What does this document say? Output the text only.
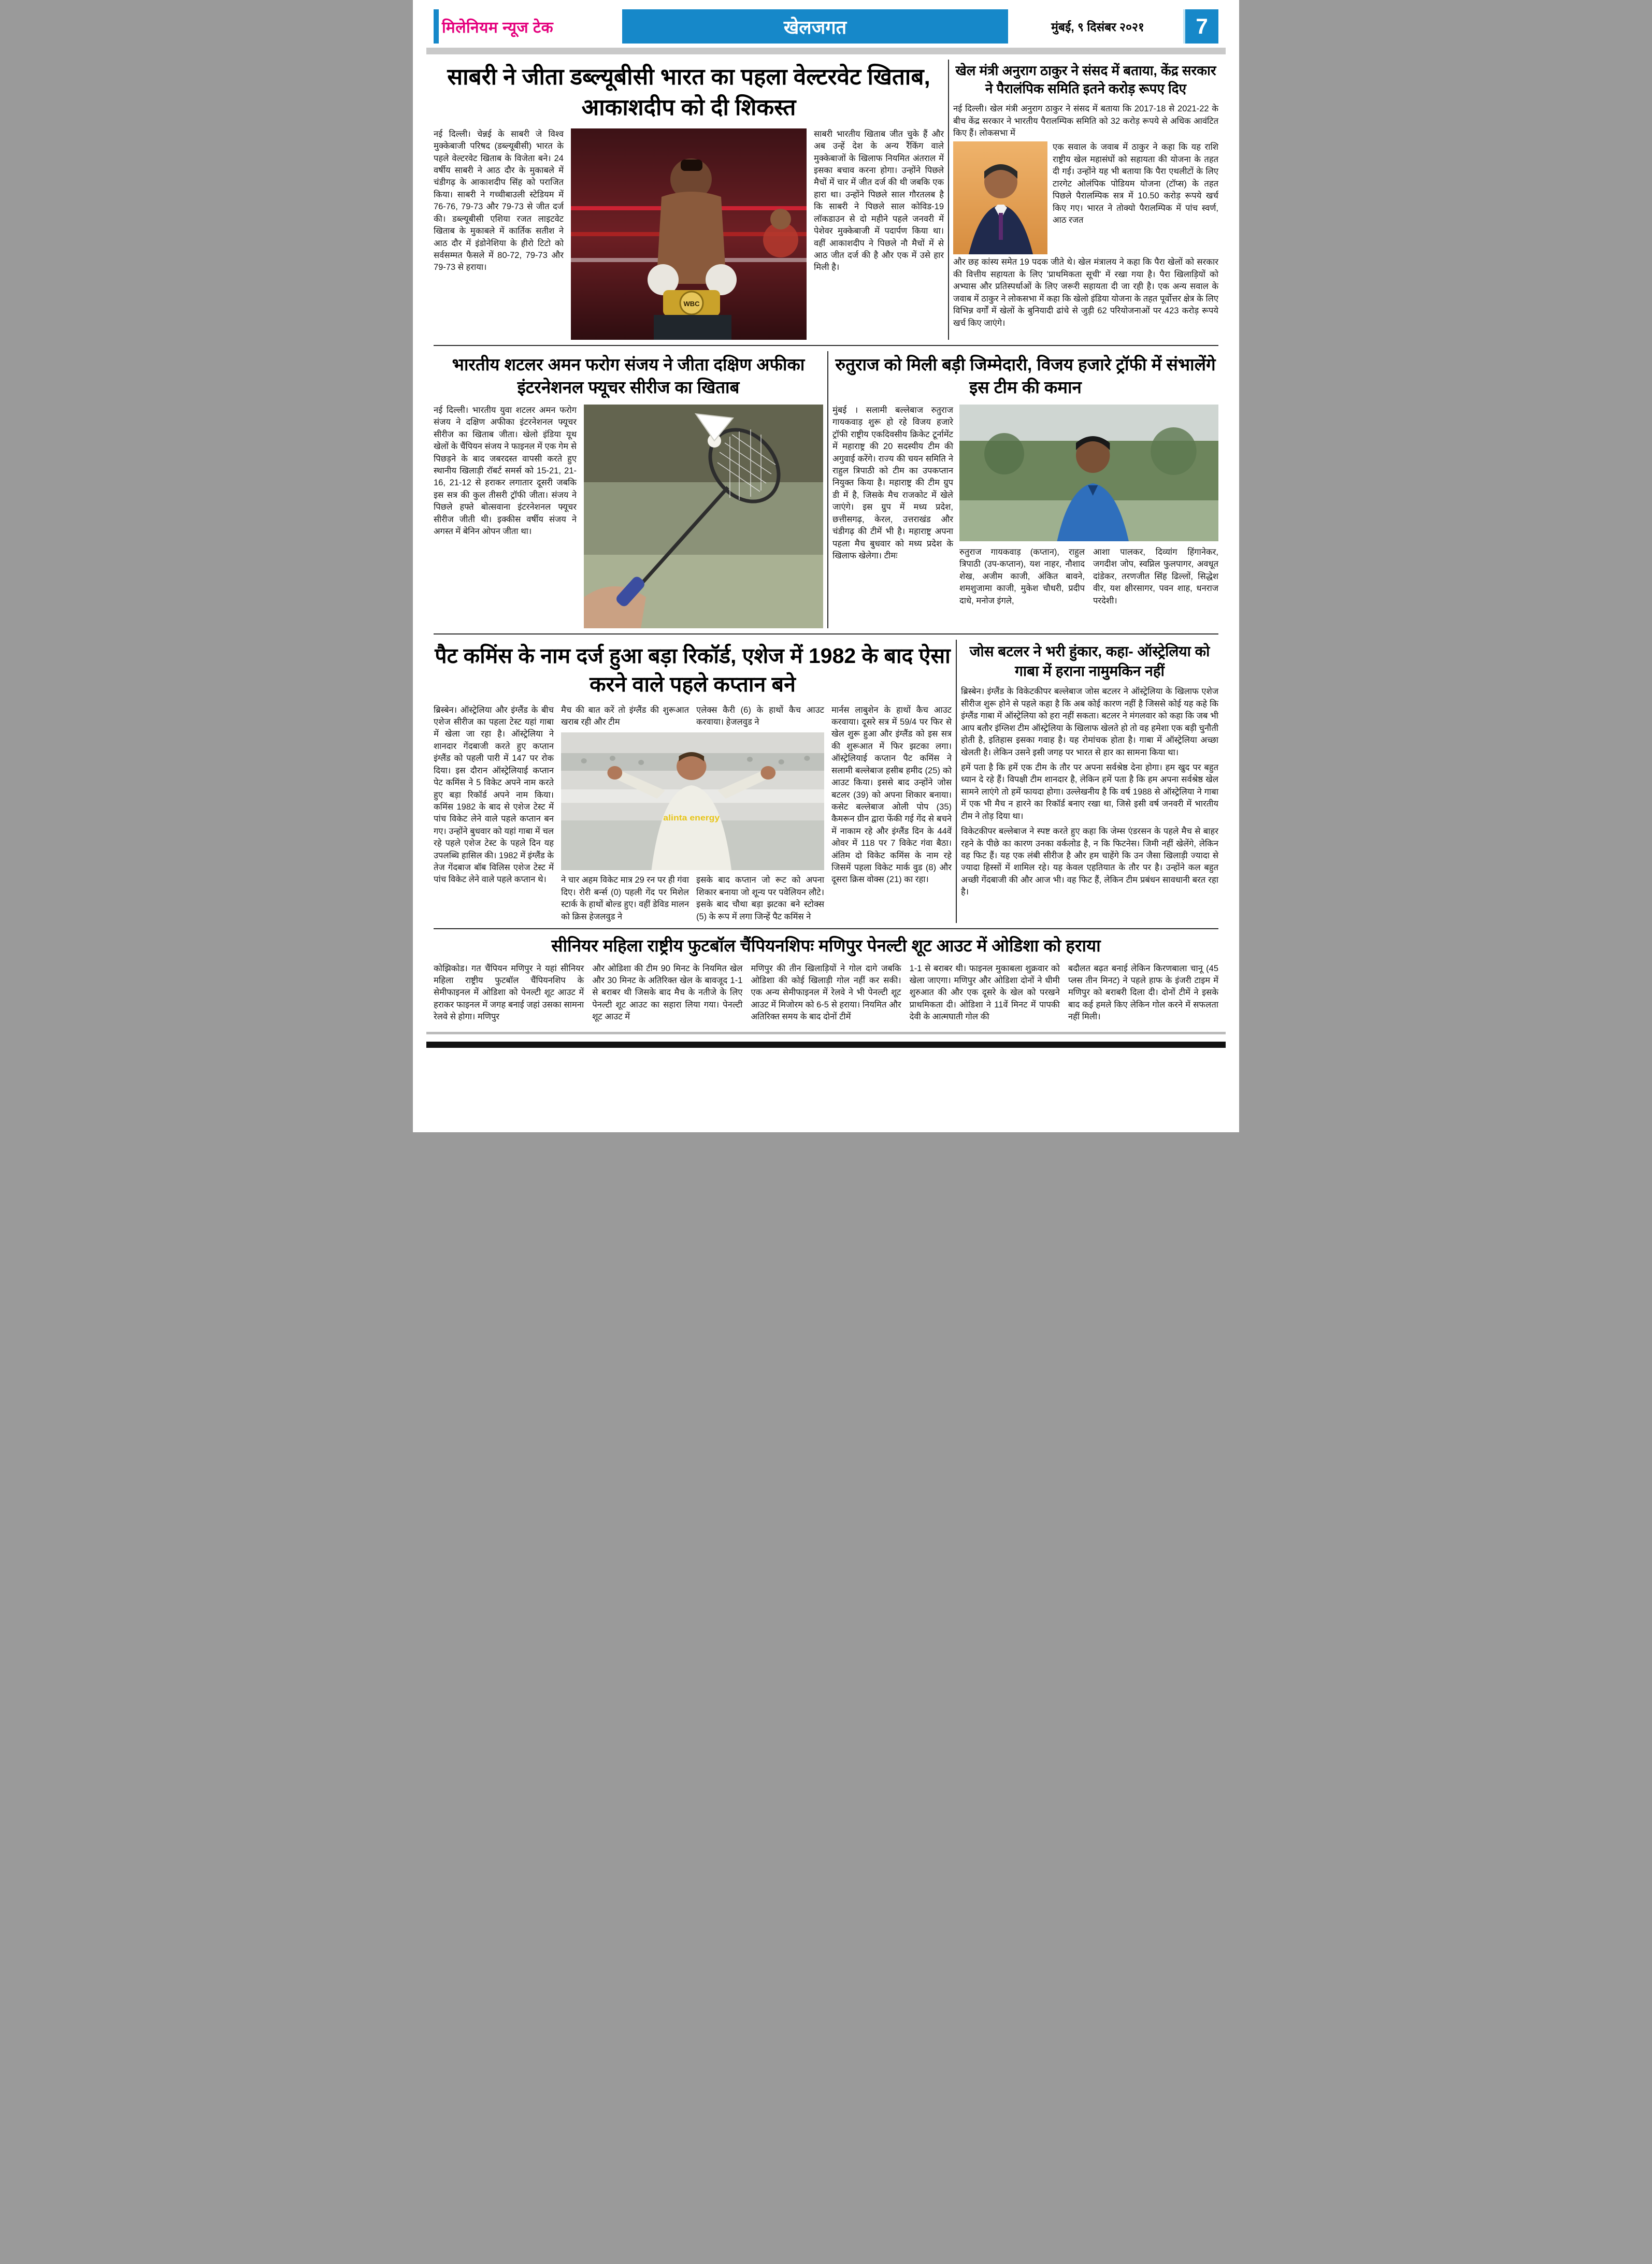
मिलेनियम न्यूज टेक	खेलजगत	मुंबई, ९ दिसंबर २०२१	7
साबरी ने जीता डब्ल्यूबीसी भारत का पहला वेल्टरवेट खिताब, आकाशदीप को दी शिकस्त

नई दिल्ली। चेन्नई के साबरी जे विश्व मुक्केबाजी परिषद (डब्ल्यूबीसी) भारत के पहले वेल्टरवेट खिताब के विजेता बने। 24 वर्षीय साबरी ने आठ दौर के मुकाबले में चंडीगढ़ के आकाशदीप सिंह को पराजित किया। साबरी ने गच्चीबाउली स्टेडियम में 76-76, 79-73 और 79-73 से जीत दर्ज की। डब्ल्यूबीसी एशिया रजत लाइटवेट खिताब के मुकाबले में कार्तिक सतीश ने आठ दौर में इंडोनेशिया के हीरो टिटो को सर्वसम्मत फैसले में 80-72, 79-73 और 79-73 से हराया।

WBC

साबरी भारतीय खिताब जीत चुके हैं और अब उन्हें देश के अन्य रैंकिंग वाले मुक्केबाजों के खिलाफ नियमित अंतराल में इसका बचाव करना होगा। उन्होंने पिछले मैचों में चार में जीत दर्ज की थी जबकि एक हारा था। उन्होंने पिछले साल गौरतलब है कि साबरी ने पिछले साल कोविड-19 लॉकडाउन से दो महीने पहले जनवरी में पेशेवर मुक्केबाजी में पदार्पण किया था। वहीं आकाशदीप ने पिछले नौ मैचों में से आठ जीत दर्ज की है और एक में उसे हार मिली है।

खेल मंत्री अनुराग ठाकुर ने संसद में बताया, केंद्र सरकार ने पैरालंपिक समिति इतने करोड़ रूपए दिए

नई दिल्ली। खेल मंत्री अनुराग ठाकुर ने संसद में बताया कि 2017-18 से 2021-22 के बीच केंद्र सरकार ने भारतीय पैरालम्पिक समिति को 32 करोड़ रूपये से अधिक आवंटित किए हैं। लोकसभा में

एक सवाल के जवाब में ठाकुर ने कहा कि यह राशि राष्ट्रीय खेल महासंघों को सहायता की योजना के तहत दी गई। उन्होंने यह भी बताया कि पैरा एथलीटों के लिए टारगेट ओलंपिक पोडियम योजना (टॉप्स) के तहत पिछले पैरालम्पिक सत्र में 10.50 करोड़ रूपये खर्च किए गए। भारत ने तोक्यो पैरालम्पिक में पांच स्वर्ण, आठ रजत

और छह कांस्य समेत 19 पदक जीते थे। खेल मंत्रालय ने कहा कि पैरा खेलों को सरकार की वित्तीय सहायता के लिए 'प्राथमिकता सूची' में रखा गया है। पैरा खिलाड़ियों को अभ्यास और प्रतिस्पर्धाओं के लिए जरूरी सहायता दी जा रही है। एक अन्य सवाल के जवाब में ठाकुर ने लोकसभा में कहा कि खेलो इंडिया योजना के तहत पूर्वोत्तर क्षेत्र के लिए विभिन्न वर्गों में खेलों के बुनियादी ढांचे से जुड़ी 62 परियोजनाओं पर 423 करोड़ रूपये खर्च किए जाएंगे।

भारतीय शटलर अमन फरोग संजय ने जीता दक्षिण अफीका इंटरनेशनल फ्यूचर सीरीज का खिताब

नई दिल्ली। भारतीय युवा शटलर अमन फरोग संजय ने दक्षिण अफीका इंटरनेशनल फ्यूचर सीरीज का खिताब जीता। खेलो इंडिया यूथ खेलों के चैंपियन संजय ने फाइनल में एक गेम से पिछड़ने के बाद जबरदस्त वापसी करते हुए स्थानीय खिलाड़ी रॉबर्ट समर्स को 15-21, 21-16, 21-12 से हराकर लगातार दूसरी जबकि इस सत्र की कुल तीसरी ट्रॉफी जीता। संजय ने पिछले हफ्ते बोत्सवाना इंटरनेशनल फ्यूचर सीरीज जीती थी। इक्कीस वर्षीय संजय ने अगस्त में बेनिन ओपन जीता था।

रुतुराज को मिली बड़ी जिम्मेदारी, विजय हजारे ट्रॉफी में संभालेंगे इस टीम की कमान

मुंबई । सलामी बल्लेबाज रुतुराज गायकवाड़ शुरू हो रहे विजय हजारे ट्रॉफी राष्ट्रीय एकदिवसीय क्रिकेट टूर्नामेंट में महाराष्ट्र की 20 सदस्यीय टीम की अगुवाई करेंगे। राज्य की चयन समिति ने राहुल त्रिपाठी को टीम का उपकप्तान नियुक्त किया है। महाराष्ट्र की टीम ग्रुप डी में है, जिसके मैच राजकोट में खेले जाएंगे। इस ग्रुप में मध्य प्रदेश, छत्तीसगढ़, केरल, उत्तराखंड और चंडीगढ़ की टीमें भी है। महाराष्ट्र अपना पहला मैच बुधवार को मध्य प्रदेश के खिलाफ खेलेगा। टीमः	रुतुराज गायकवाड़ (कप्तान), राहुल त्रिपाठी (उप-कप्तान), यश नाहर, नौशाद शेख, अजीम काजी, अंकित बावने, शमशुजामा काजी, मुकेश चौधरी, प्रदीप दाधे, मनोज इंगले,

आशा पालकर, दिव्यांग हिंगानेकर, जगदीश जोप, स्वप्निल फुलपागर, अवधूत दांडेकर, तरणजीत सिंह ढिल्लों, सिद्धेश वीर, यश क्षीरसागर, पवन शाह, धनराज परदेशी।

पैट कमिंस के नाम दर्ज हुआ बड़ा रिकॉर्ड, एशेज में 1982 के बाद ऐसा करने वाले पहले कप्तान बने

ब्रिस्बेन। ऑस्ट्रेलिया और इंग्लैंड के बीच एशेज सीरीज का पहला टेस्ट यहां गाबा में खेला जा रहा है। ऑस्ट्रेलिया ने शानदार गेंदबाजी करते हुए कप्तान इंग्लैंड को पहली पारी में 147 पर रोक दिया। इस दौरान ऑस्ट्रेलियाई कप्तान पेट कमिंस ने 5 विकेट अपने नाम करते हुए बड़ा रिकॉर्ड अपने नाम किया। कमिंस 1982 के बाद से एशेज टेस्ट में पांच विकेट लेने वाले पहले कप्तान बन गए। उन्होंने बुधवार को यहां गाबा में चल रहे पहले एशेज टेस्ट के पहले दिन यह उपलब्धि हासिल की। 1982 में इंग्लैंड के तेज गेंदबाज बॉब विलिस एशेज टेस्ट में पांच विकेट लेने वाले पहले कप्तान थे।

मैच की बात करें तो इंग्लैंड की शुरूआत खराब रही और टीम

एलेक्स कैरी (6) के हाथों कैच आउट करवाया। हेजलवुड ने

alinta energy

ने चार अहम विकेट मात्र 29 रन पर ही गंवा दिए। रोरी बर्न्स (0) पहली गेंद पर मिशेल स्टार्क के हाथों बोल्ड हुए। वहीं डेविड मालन को क्रिस हेजलवुड ने

इसके बाद कप्तान जो रूट को अपना शिकार बनाया जो शून्य पर पवेलियन लौटे। इसके बाद चौथा बड़ा झटका बने स्टोक्स (5) के रूप में लगा जिन्हें पैट कमिंस ने

मार्नस लाबुशेन के हाथों कैच आउट करवाया। दूसरे सत्र में 59/4 पर फिर से खेल शुरू हुआ और इंग्लैंड को इस सत्र की शुरूआत में फिर झटका लगा। ऑस्ट्रेलियाई कप्तान पैट कमिंस ने सलामी बल्लेबाज हसीब हमीद (25) को आउट किया। इससे बाद उन्होंने जोस बटलर (39) को अपना शिकार बनाया। कसेट बल्लेबाज ओली पोप (35) कैमरून ग्रीन द्वारा फेंकी गई गेंद से बचने में नाकाम रहे और इंग्लैंड दिन के 44वें ओवर में 118 पर 7 विकेट गंवा बैठा। अंतिम दो विकेट कमिंस के नाम रहे जिसमें पहला विकेट मार्क वुड (8) और दूसरा क्रिस वोक्स (21) का रहा।

जोस बटलर ने भरी हुंकार, कहा- ऑस्ट्रेलिया को गाबा में हराना नामुमकिन नहीं

ब्रिस्बेन। इंग्लैंड के विकेटकीपर बल्लेबाज जोस बटलर ने ऑस्ट्रेलिया के खिलाफ एशेज सीरीज शुरू होने से पहले कहा है कि अब कोई कारण नहीं है जिससे कोई यह कहे कि इंग्लैंड गाबा में ऑस्ट्रेलिया को हरा नहीं सकता। बटलर ने मंगलवार को कहा कि जब भी आप बतौर इंग्लिश टीम ऑस्ट्रेलिया के खिलाफ खेलते हो तो वह हमेशा एक बड़ी चुनौती होती है, इतिहास इसका गवाह है। यह रोमांचक होता है। गाबा में ऑस्ट्रेलिया अच्छा खेलती है। लेकिन उसने इसी जगह पर भारत से हार का सामना किया था।

हमें पता है कि हमें एक टीम के तौर पर अपना सर्वश्रेष्ठ देना होगा। हम खुद पर बहुत ध्यान दे रहे हैं। विपक्षी टीम शानदार है, लेकिन हमें पता है कि हम अपना सर्वश्रेष्ठ खेल सामने लाएंगे तो हमें फायदा होगा। उल्लेखनीय है कि वर्ष 1988 से ऑस्ट्रेलिया ने गाबा में एक भी मैच न हारने का रिकॉर्ड बनाए रखा था, जिसे इसी वर्ष जनवरी में भारतीय टीम ने तोड़ दिया था।

विकेटकीपर बल्लेबाज ने स्पष्ट करते हुए कहा कि जेम्स एंडरसन के पहले मैच से बाहर रहने के पीछे का कारण उनका वर्कलोड है, न कि फिटनेस। जिमी नहीं खेलेंगे, लेकिन वह फिट हैं। यह एक लंबी सीरीज है और हम चाहेंगे कि उन जैसा खिलाड़ी ज्यादा से ज्यादा हिस्सों में शामिल रहे। यह केवल एहतियात के तौर पर है। उन्होंने कल बहुत अच्छी गेंदबाजी की और आज भी। वह फिट हैं, लेकिन टीम प्रबंधन सावधानी बरत रहा है।

सीनियर महिला राष्ट्रीय फुटबॉल चैंपियनशिपः मणिपुर पेनल्टी शूट आउट में ओडिशा को हराया

कोझिकोड। गत चैंपियन मणिपुर ने यहां सीनियर महिला राष्ट्रीय फुटबॉल चैंपियनशिप के सेमीफाइनल में ओडिशा को पेनल्टी शूट आउट में हराकर फाइनल में जगह बनाई जहां उसका सामना रेलवे से होगा। मणिपुर

और ओडिशा की टीम 90 मिनट के नियमित खेल और 30 मिनट के अतिरिक्त खेल के बावजूद 1-1 से बराबर थी जिसके बाद मैच के नतीजे के लिए पेनल्टी शूट आउट का सहारा लिया गया। पेनल्टी शूट आउट में

मणिपुर की तीन खिलाड़ियों ने गोल दागे जबकि ओडिशा की कोई खिलाड़ी गोल नहीं कर सकी। एक अन्य सेमीफाइनल में रेलवे ने भी पेनल्टी शूट आउट में मिजोरम को 6-5 से हराया। नियमित और अतिरिक्त समय के बाद दोनों टीमें

1-1 से बराबर थी। फाइनल मुकाबला शुक्रवार को खेला जाएगा। मणिपुर और ओडिशा दोनों ने धीमी शुरुआत की और एक दूसरे के खेल को परखने प्राथमिकता दी। ओडिशा ने 11वें मिनट में पापकी देवी के आत्मघाती गोल की

बदौलत बढ़त बनाई लेकिन किरणबाला चानू (45 प्लस तीन मिनट) ने पहले हाफ के इंजरी टाइम में मणिपुर को बराबरी दिला दी। दोनों टीमें ने इसके बाद कई हमले किए लेकिन गोल करने में सफलता नहीं मिली।
